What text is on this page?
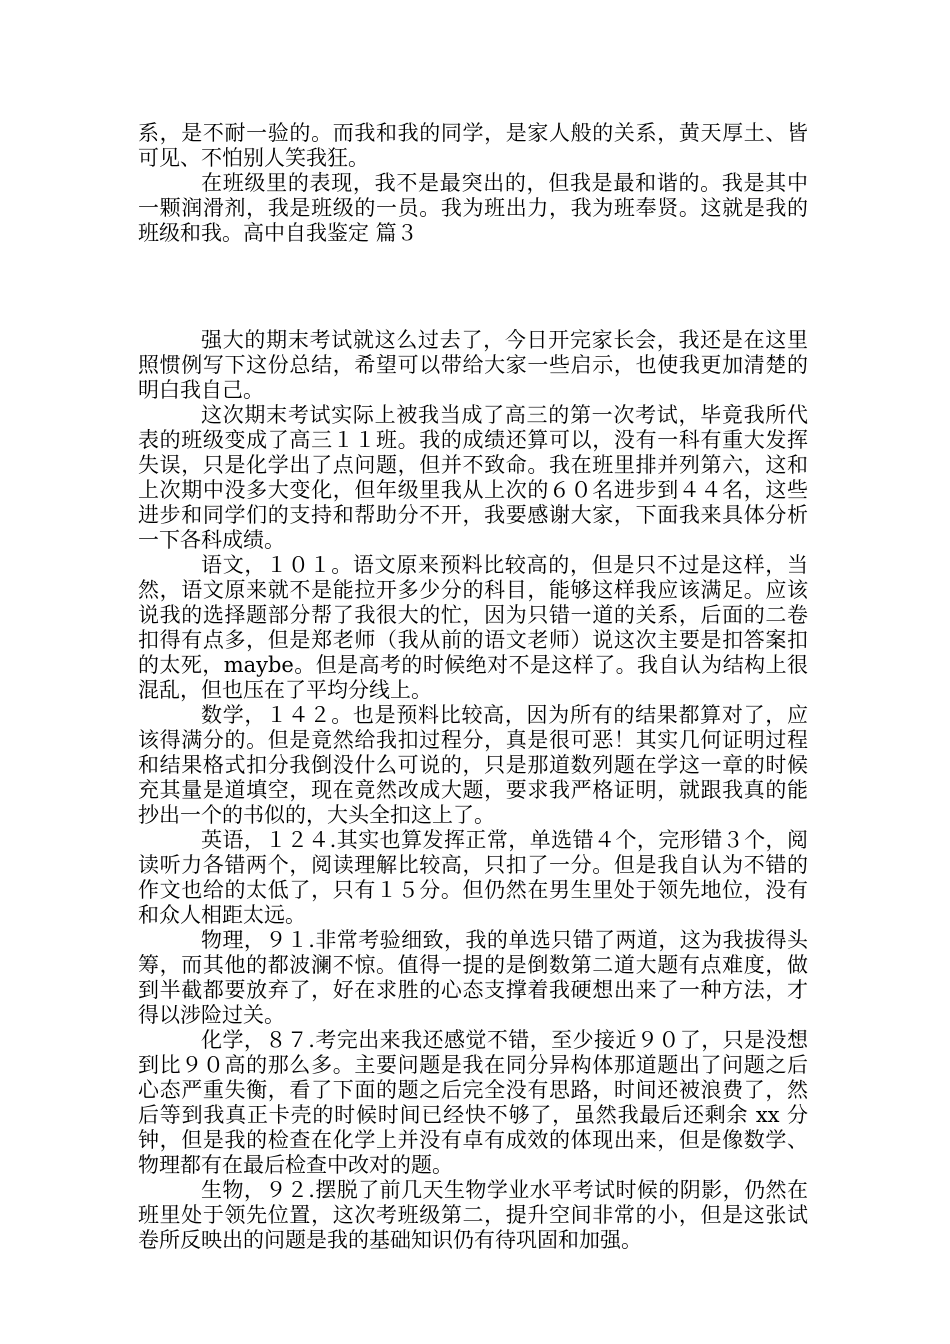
系，是不耐一验的。而我和我的同学，是家人般的关系，黄天厚土、皆可见、不怕别人笑我狂。

在班级里的表现，我不是最突出的，但我是最和谐的。我是其中一颗润滑剂，我是班级的一员。我为班出力，我为班奉贤。这就是我的班级和我。高中自我鉴定 篇３

强大的期末考试就这么过去了，今日开完家长会，我还是在这里照惯例写下这份总结，希望可以带给大家一些启示，也使我更加清楚的明白我自己。

这次期末考试实际上被我当成了高三的第一次考试，毕竟我所代表的班级变成了高三１１班。我的成绩还算可以，没有一科有重大发挥失误，只是化学出了点问题，但并不致命。我在班里排并列第六，这和上次期中没多大变化，但年级里我从上次的６０名进步到４４名，这些进步和同学们的支持和帮助分不开，我要感谢大家，下面我来具体分析一下各科成绩。

语文，１０１。语文原来预料比较高的，但是只不过是这样，当然，语文原来就不是能拉开多少分的科目，能够这样我应该满足。应该说我的选择题部分帮了我很大的忙，因为只错一道的关系，后面的二卷扣得有点多，但是郑老师（我从前的语文老师）说这次主要是扣答案扣的太死，maybe。但是高考的时候绝对不是这样了。我自认为结构上很混乱，但也压在了平均分线上。

数学，１４２。也是预料比较高，因为所有的结果都算对了，应该得满分的。但是竟然给我扣过程分，真是很可恶！其实几何证明过程和结果格式扣分我倒没什么可说的，只是那道数列题在学这一章的时候充其量是道填空，现在竟然改成大题，要求我严格证明，就跟我真的能抄出一个的书似的，大头全扣这上了。

英语，１２４.其实也算发挥正常，单选错４个，完形错３个，阅读听力各错两个，阅读理解比较高，只扣了一分。但是我自认为不错的作文也给的太低了，只有１５分。但仍然在男生里处于领先地位，没有和众人相距太远。

物理，９１.非常考验细致，我的单选只错了两道，这为我拔得头筹，而其他的都波澜不惊。值得一提的是倒数第二道大题有点难度，做到半截都要放弃了，好在求胜的心态支撑着我硬想出来了一种方法，才得以涉险过关。

化学，８７.考完出来我还感觉不错，至少接近９０了，只是没想到比９０高的那么多。主要问题是我在同分异构体那道题出了问题之后心态严重失衡，看了下面的题之后完全没有思路，时间还被浪费了，然后等到我真正卡壳的时候时间已经快不够了，虽然我最后还剩余 xx 分钟，但是我的检查在化学上并没有卓有成效的体现出来，但是像数学、物理都有在最后检查中改对的题。

生物，９２.摆脱了前几天生物学业水平考试时候的阴影，仍然在班里处于领先位置，这次考班级第二，提升空间非常的小，但是这张试卷所反映出的问题是我的基础知识仍有待巩固和加强。
